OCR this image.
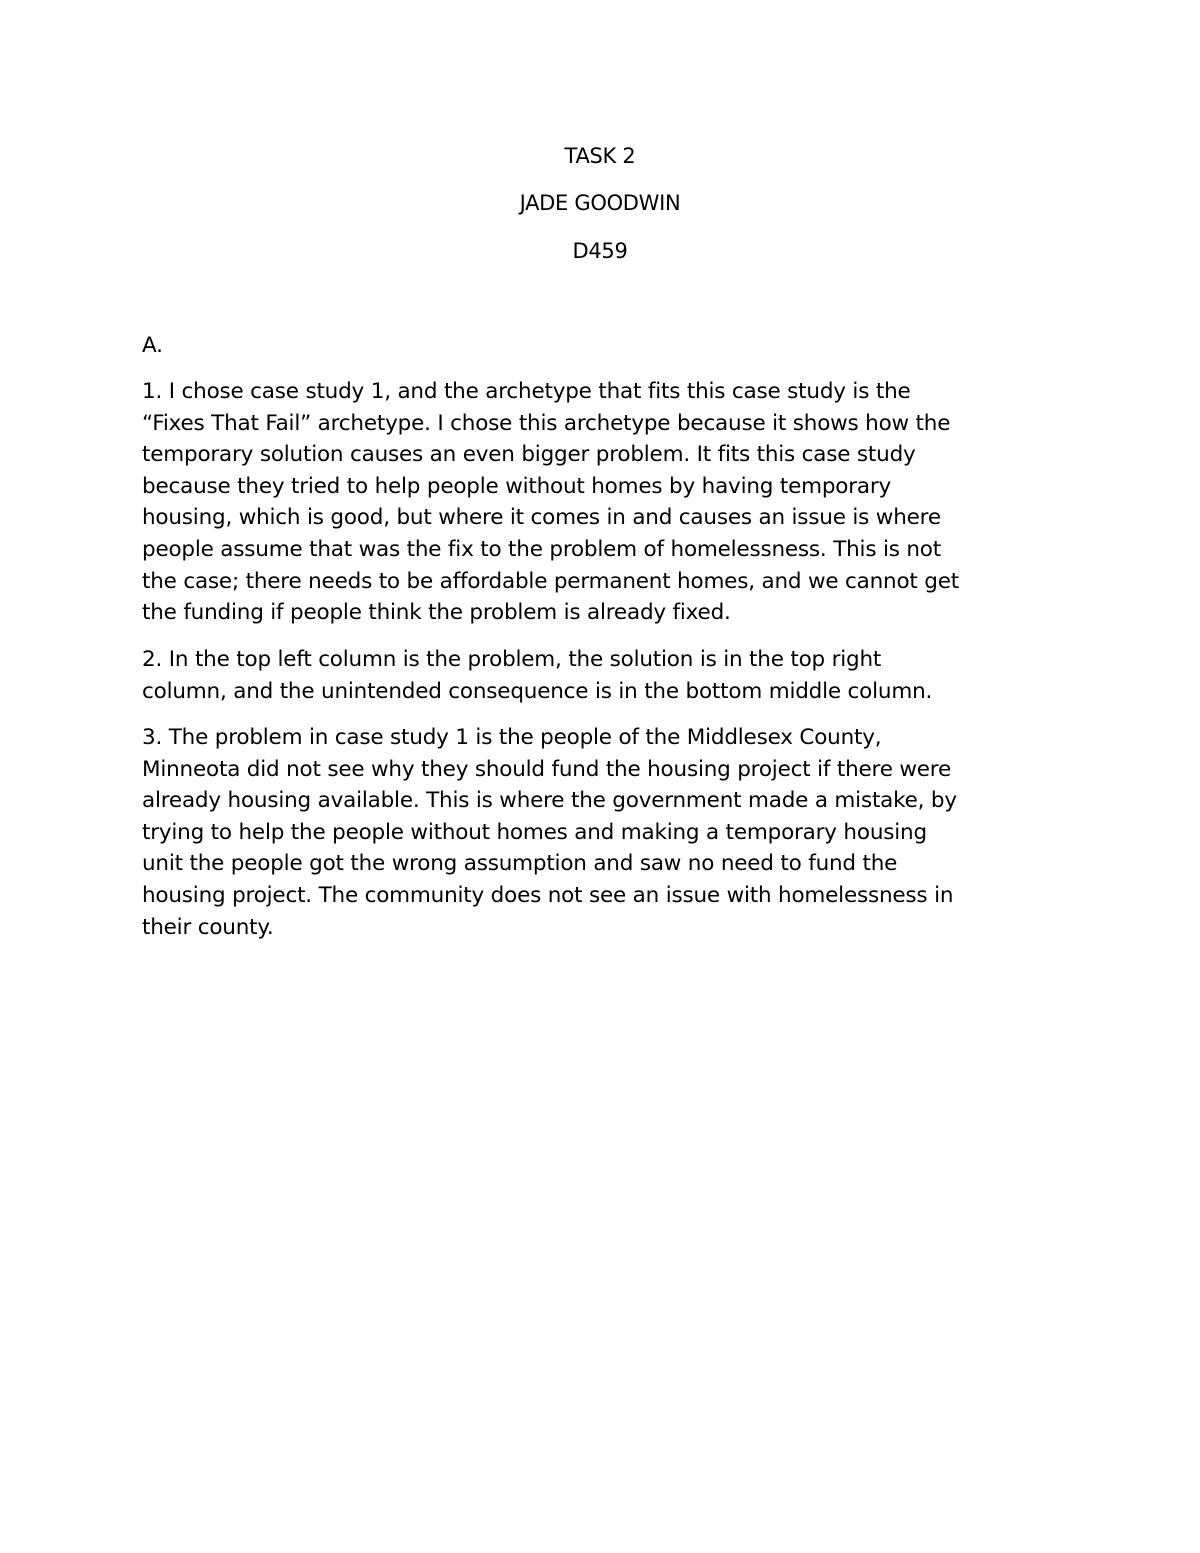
TASK 2
JADE GOODWIN
D459
A.
1. I chose case study 1, and the archetype that fits this case study is the
“Fixes That Fail” archetype. I chose this archetype because it shows how the
temporary solution causes an even bigger problem. It fits this case study
because they tried to help people without homes by having temporary
housing, which is good, but where it comes in and causes an issue is where
people assume that was the fix to the problem of homelessness. This is not
the case; there needs to be affordable permanent homes, and we cannot get
the funding if people think the problem is already fixed.
2. In the top left column is the problem, the solution is in the top right
column, and the unintended consequence is in the bottom middle column.
3. The problem in case study 1 is the people of the Middlesex County,
Minneota did not see why they should fund the housing project if there were
already housing available. This is where the government made a mistake, by
trying to help the people without homes and making a temporary housing
unit the people got the wrong assumption and saw no need to fund the
housing project. The community does not see an issue with homelessness in
their county.
